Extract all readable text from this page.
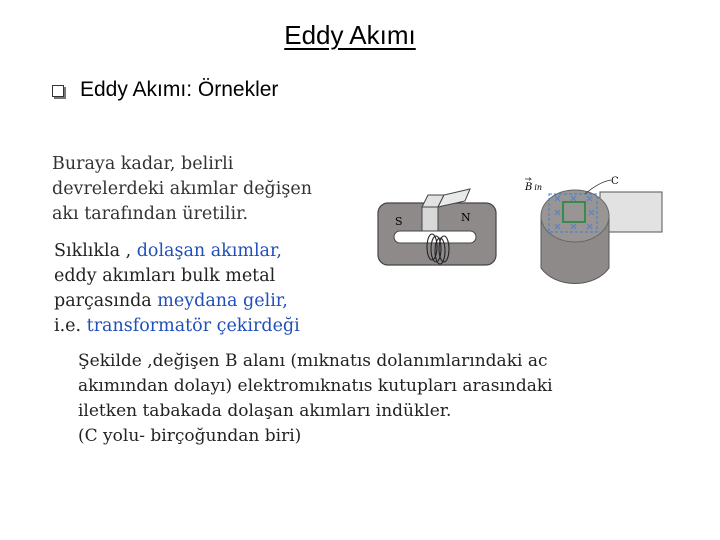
Eddy Akımı
Eddy Akımı: Örnekler
Buraya kadar, belirli
devrelerdeki akımlar değişen
akı tarafından üretilir.
Sıklıkla , dolaşan akımlar,
eddy akımları bulk metal
parçasında meydana gelir,
i.e. transformatör çekirdeği
Şekilde ,değişen B alanı (mıknatıs dolanımlarındaki ac
akımından dolayı) elektromıknatıs kutupları arasındaki
iletken tabakada dolaşan akımları indükler.
(C yolu- birçoğundan biri)
S	N
B in
C
